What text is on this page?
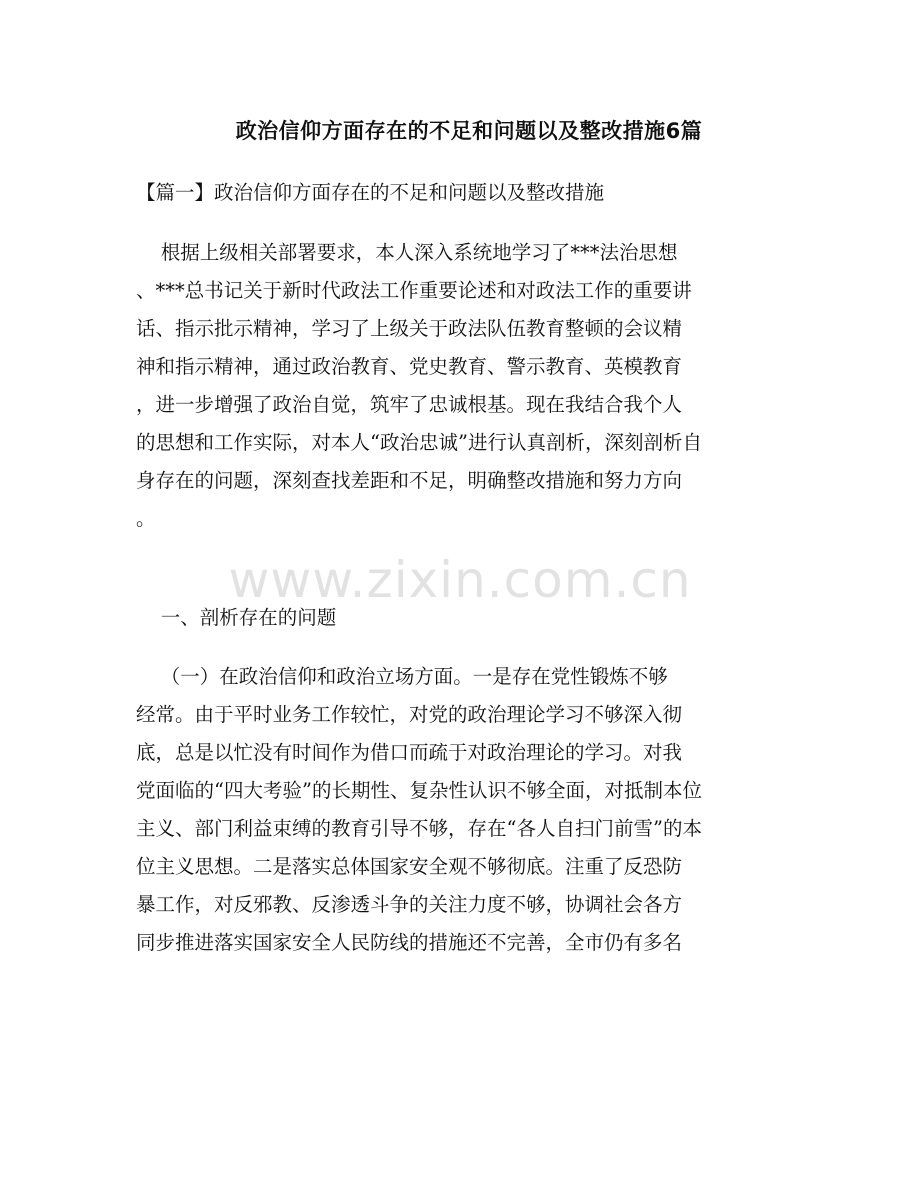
政治信仰方面存在的不足和问题以及整改措施6篇
【篇一】政治信仰方面存在的不足和问题以及整改措施
根据上级相关部署要求，本人深入系统地学习了***法治思想
、***总书记关于新时代政法工作重要论述和对政法工作的重要讲
话、指示批示精神，学习了上级关于政法队伍教育整顿的会议精
神和指示精神，通过政治教育、党史教育、警示教育、英模教育
，进一步增强了政治自觉，筑牢了忠诚根基。现在我结合我个人
的思想和工作实际，对本人“政治忠诚”进行认真剖析，深刻剖析自
身存在的问题，深刻查找差距和不足，明确整改措施和努力方向
。
www.zixin.com.cn
一、剖析存在的问题
（一）在政治信仰和政治立场方面。一是存在党性锻炼不够
经常。由于平时业务工作较忙，对党的政治理论学习不够深入彻
底，总是以忙没有时间作为借口而疏于对政治理论的学习。对我
党面临的“四大考验”的长期性、复杂性认识不够全面，对抵制本位
主义、部门利益束缚的教育引导不够，存在“各人自扫门前雪”的本
位主义思想。二是落实总体国家安全观不够彻底。注重了反恐防
暴工作，对反邪教、反渗透斗争的关注力度不够，协调社会各方
同步推进落实国家安全人民防线的措施还不完善，全市仍有多名
